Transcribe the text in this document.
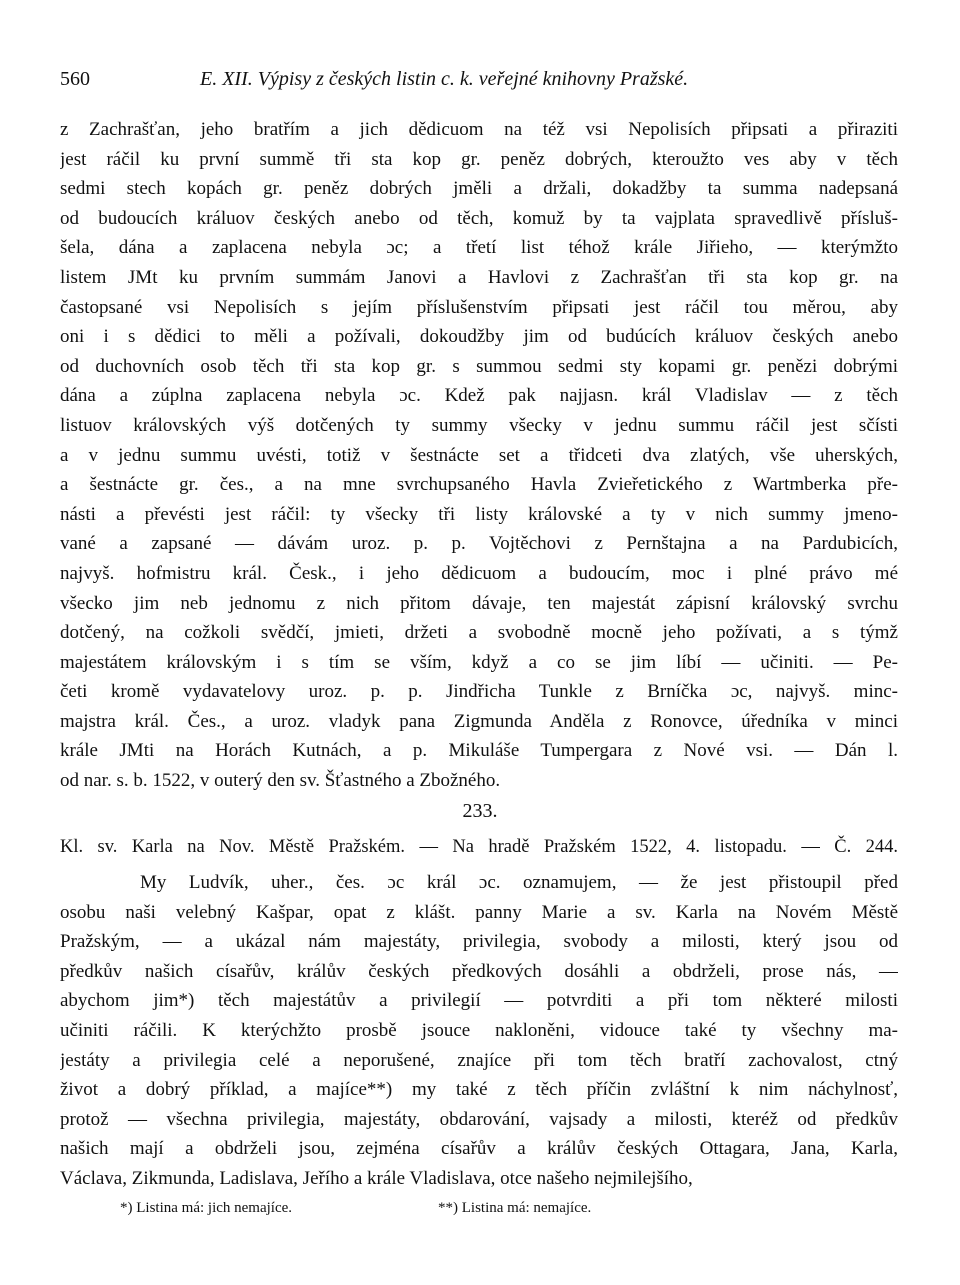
560	E. XII. Výpisy z českých listin c. k. veřejné knihovny Pražské.
z Zachrašťan, jeho bratřím a jich dědicuom na též vsi Nepolisích připsati a přiraziti
jest ráčil ku první summě tři sta kop gr. peněz dobrých, kteroužto ves aby v těch
sedmi stech kopách gr. peněz dobrých jměli a držali, dokadžby ta summa nadepsaná
od budoucích králuov českých anebo od těch, komuž by ta vajplata spravedlivě přísluš-
šela, dána a zaplacena nebyla ɔc; a třetí list téhož krále Jiřieho, — kterýmžto
listem JMt ku prvním summám Janovi a Havlovi z Zachrašťan tři sta kop gr. na
častopsané vsi Nepolisích s jejím příslušenstvím připsati jest ráčil tou měrou, aby
oni i s dědici to měli a požívali, dokoudžby jim od budúcích králuov českých anebo
od duchovních osob těch tři sta kop gr. s summou sedmi sty kopami gr. penězi dobrými
dána a zúplna zaplacena nebyla ɔc. Kdež pak najjasn. král Vladislav — z těch
listuov královských výš dotčených ty summy všecky v jednu summu ráčil jest sčísti
a v jednu summu uvésti, totiž v šestnácte set a třidceti dva zlatých, vše uherských,
a šestnácte gr. čes., a na mne svrchupsaného Havla Zvieřetického z Wartmberka pře-
násti a převésti jest ráčil: ty všecky tři listy královské a ty v nich summy jmeno-
vané a zapsané — dávám uroz. p. p. Vojtěchovi z Pernštajna a na Pardubicích,
najvyš. hofmistru král. Česk., i jeho dědicuom a budoucím, moc i plné právo mé
všecko jim neb jednomu z nich přitom dávaje, ten majestát zápisní královský svrchu
dotčený, na cožkoli svědčí, jmieti, držeti a svobodně mocně jeho požívati, a s týmž
majestátem královským i s tím se vším, když a co se jim líbí — učiniti. — Pe-
četi kromě vydavatelovy uroz. p. p. Jindřicha Tunkle z Brníčka ɔc, najvyš. minc-
majstra král. Čes., a uroz. vladyk pana Zigmunda Anděla z Ronovce, úředníka v minci
krále JMti na Horách Kutnách, a p. Mikuláše Tumpergara z Nové vsi. — Dán l.
od nar. s. b. 1522, v outerý den sv. Šťastného a Zbožného.
233.
Kl. sv. Karla na Nov. Městě Pražském. — Na hradě Pražském 1522, 4. listopadu. — Č. 244.
My Ludvík, uher., čes. ɔc král ɔc. oznamujem, — že jest přistoupil před
osobu naši velebný Kašpar, opat z klášt. panny Marie a sv. Karla na Novém Městě
Pražským, — a ukázal nám majestáty, privilegia, svobody a milosti, který jsou od
předkův našich císařův, králův českých předkových dosáhli a obdrželi, prose nás, —
abychom jim*) těch majestátův a privilegií — potvrditi a při tom některé milosti
učiniti ráčili. K kterýchžto prosbě jsouce nakloněni, vidouce také ty všechny ma-
jestáty a privilegia celé a neporušené, znajíce při tom těch bratří zachovalost, ctný
život a dobrý příklad, a majíce**) my také z těch příčin zvláštní k nim náchylnosť,
protož — všechna privilegia, majestáty, obdarování, vajsady a milosti, kteréž od předkův
našich mají a obdrželi jsou, zejména císařův a králův českých Ottagara, Jana, Karla,
Václava, Zikmunda, Ladislava, Jeřího a krále Vladislava, otce našeho nejmilejšího,
*) Listina má: jich nemajíce.	**) Listina má: nemajíce.
